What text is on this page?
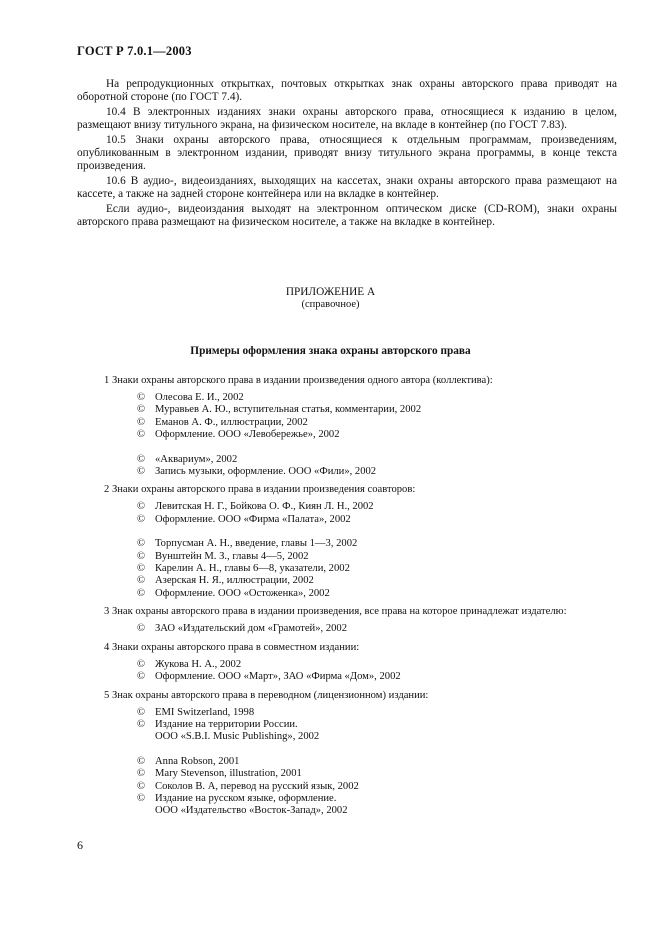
ГОСТ Р 7.0.1—2003

На репродукционных открытках, почтовых открытках знак охраны авторского права приводят на оборотной стороне (по ГОСТ 7.4).

10.4 В электронных изданиях знаки охраны авторского права, относящиеся к изданию в целом, размещают внизу титульного экрана, на физическом носителе, на вкладе в контейнер (по ГОСТ 7.83).

10.5 Знаки охраны авторского права, относящиеся к отдельным программам, произведениям, опубликованным в электронном издании, приводят внизу титульного экрана программы, в конце текста произведения.

10.6 В аудио-, видеоизданиях, выходящих на кассетах, знаки охраны авторского права размещают на кассете, а также на задней стороне контейнера или на вкладке в контейнер.

Если аудио-, видеоиздания выходят на электронном оптическом диске (CD-ROM), знаки охраны авторского права размещают на физическом носителе, а также на вкладке в контейнер.

ПРИЛОЖЕНИЕ А
(справочное)
Примеры оформления знака охраны авторского права
1 Знаки охраны авторского права в издании произведения одного автора (коллектива):
© Олесова Е. И., 2002
© Муравьев А. Ю., вступительная статья, комментарии, 2002
© Еманов А. Ф., иллюстрации, 2002
© Оформление. ООО «Левобережье», 2002
© «Аквариум», 2002
© Запись музыки, оформление. ООО «Фили», 2002
2 Знаки охраны авторского права в издании произведения соавторов:
© Левитская Н. Г., Бойкова О. Ф., Киян Л. Н., 2002
© Оформление. ООО «Фирма «Палата», 2002
© Торпусман А. Н., введение, главы 1—3, 2002
© Вунштейн М. З., главы 4—5, 2002
© Карелин А. Н., главы 6—8, указатели, 2002
© Азерская Н. Я., иллюстрации, 2002
© Оформление. ООО «Остоженка», 2002
3 Знак охраны авторского права в издании произведения, все права на которое принадлежат издателю:
© ЗАО «Издательский дом «Грамотей», 2002
4 Знаки охраны авторского права в совместном издании:
© Жукова Н. А., 2002
© Оформление. ООО «Март», ЗАО «Фирма «Дом», 2002
5 Знак охраны авторского права в переводном (лицензионном) издании:
© EMI Switzerland, 1998
© Издание на территории России.
ООО «S.B.I. Music Publishing», 2002
© Anna Robson, 2001
© Mary Stevenson, illustration, 2001
© Соколов В. А, перевод на русский язык, 2002
© Издание на русском языке, оформление.
ООО «Издательство «Восток-Запад», 2002
6
